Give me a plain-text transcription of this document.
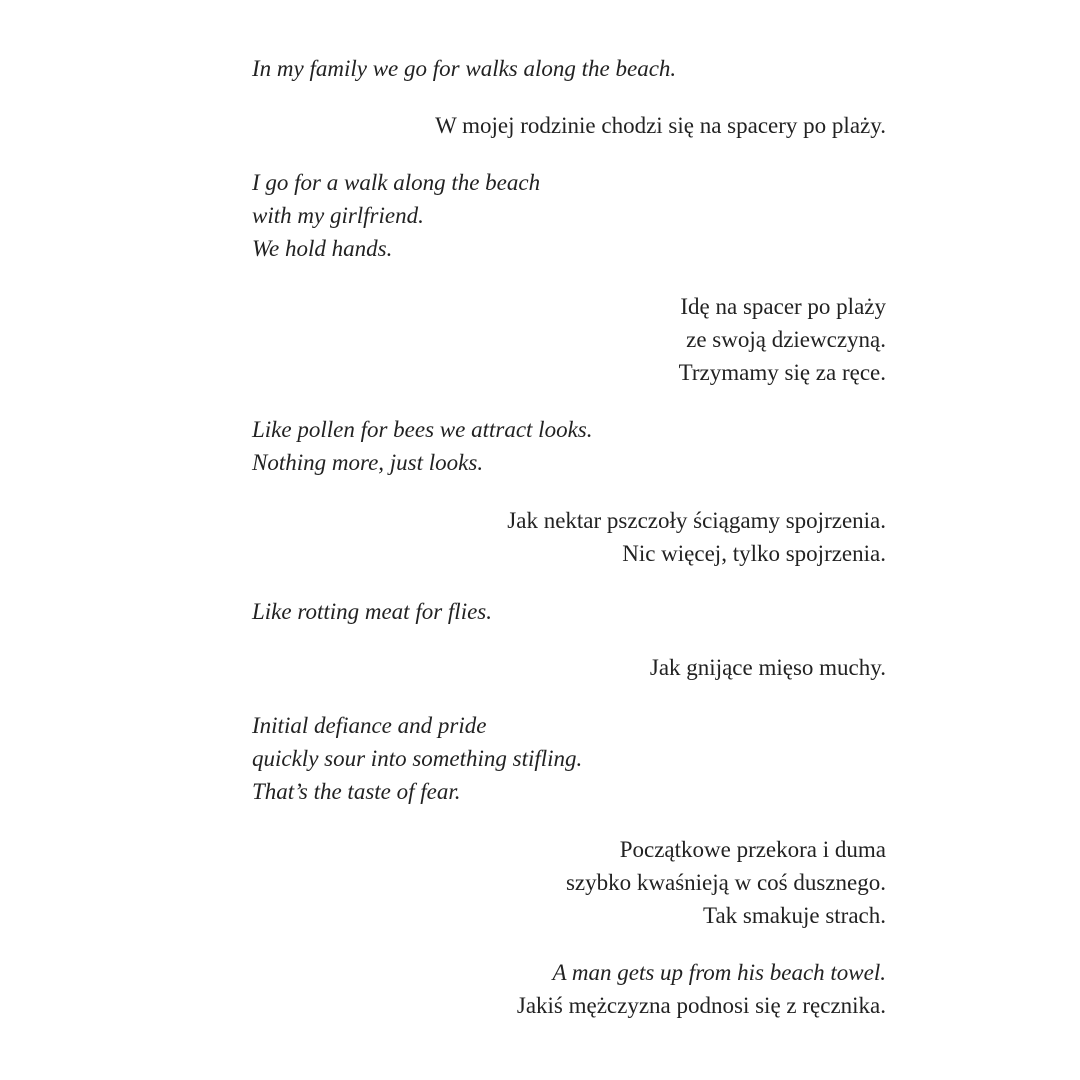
In my family we go for walks along the beach.

W mojej rodzinie chodzi się na spacery po plaży.

I go for a walk along the beach
with my girlfriend.
We hold hands.

Idę na spacer po plaży
ze swoją dziewczyną.
Trzymamy się za ręce.

Like pollen for bees we attract looks.
Nothing more, just looks.

Jak nektar pszczoły ściągamy spojrzenia.
Nic więcej, tylko spojrzenia.

Like rotting meat for flies.

Jak gnijące mięso muchy.

Initial defiance and pride
quickly sour into something stifling.
That’s the taste of fear.

Początkowe przekora i duma
szybko kwaśnieją w coś dusznego.
Tak smakuje strach.

A man gets up from his beach towel.
Jakiś mężczyzna podnosi się z ręcznika.
